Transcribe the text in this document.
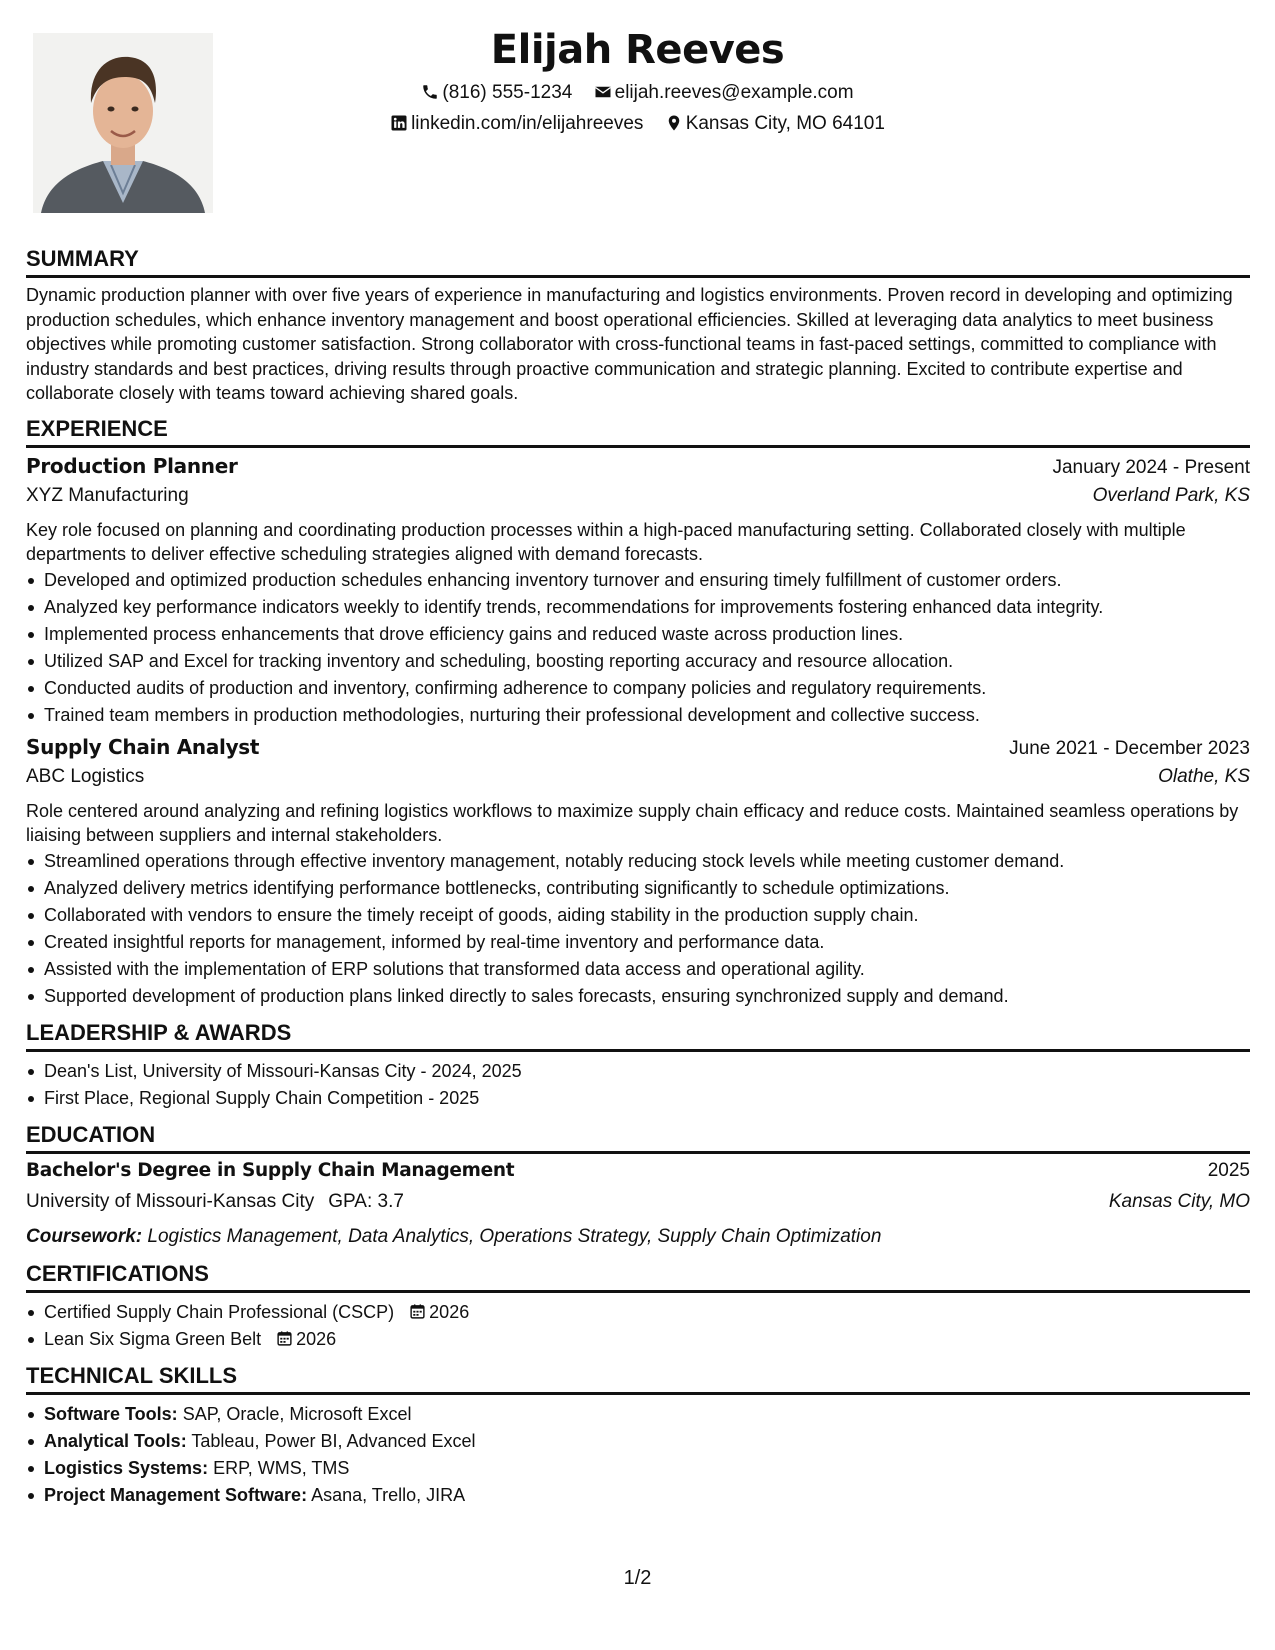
Elijah Reeves
(816) 555-1234 elijah.reeves@example.com
linkedin.com/in/elijahreeves Kansas City, MO 64101
SUMMARY

Dynamic production planner with over five years of experience in manufacturing and logistics environments. Proven record in developing and optimizing production schedules, which enhance inventory management and boost operational efficiencies. Skilled at leveraging data analytics to meet business objectives while promoting customer satisfaction. Strong collaborator with cross-functional teams in fast-paced settings, committed to compliance with industry standards and best practices, driving results through proactive communication and strategic planning. Excited to contribute expertise and collaborate closely with teams toward achieving shared goals.

EXPERIENCE
Production Planner	January 2024 - Present
XYZ Manufacturing	Overland Park, KS

Key role focused on planning and coordinating production processes within a high-paced manufacturing setting. Collaborated closely with multiple departments to deliver effective scheduling strategies aligned with demand forecasts.

Developed and optimized production schedules enhancing inventory turnover and ensuring timely fulfillment of customer orders.
Analyzed key performance indicators weekly to identify trends, recommendations for improvements fostering enhanced data integrity.
Implemented process enhancements that drove efficiency gains and reduced waste across production lines.
Utilized SAP and Excel for tracking inventory and scheduling, boosting reporting accuracy and resource allocation.
Conducted audits of production and inventory, confirming adherence to company policies and regulatory requirements.
Trained team members in production methodologies, nurturing their professional development and collective success.
Supply Chain Analyst	June 2021 - December 2023
ABC Logistics	Olathe, KS

Role centered around analyzing and refining logistics workflows to maximize supply chain efficacy and reduce costs. Maintained seamless operations by liaising between suppliers and internal stakeholders.

Streamlined operations through effective inventory management, notably reducing stock levels while meeting customer demand.
Analyzed delivery metrics identifying performance bottlenecks, contributing significantly to schedule optimizations.
Collaborated with vendors to ensure the timely receipt of goods, aiding stability in the production supply chain.
Created insightful reports for management, informed by real-time inventory and performance data.
Assisted with the implementation of ERP solutions that transformed data access and operational agility.
Supported development of production plans linked directly to sales forecasts, ensuring synchronized supply and demand.
LEADERSHIP & AWARDS
Dean's List, University of Missouri-Kansas City - 2024, 2025
First Place, Regional Supply Chain Competition - 2025
EDUCATION
Bachelor's Degree in Supply Chain Management	2025
University of Missouri-Kansas City GPA: 3.7	Kansas City, MO
Coursework: Logistics Management, Data Analytics, Operations Strategy, Supply Chain Optimization
CERTIFICATIONS
Certified Supply Chain Professional (CSCP) 2026
Lean Six Sigma Green Belt 2026
TECHNICAL SKILLS
Software Tools: SAP, Oracle, Microsoft Excel
Analytical Tools: Tableau, Power BI, Advanced Excel
Logistics Systems: ERP, WMS, TMS
Project Management Software: Asana, Trello, JIRA
1/2
